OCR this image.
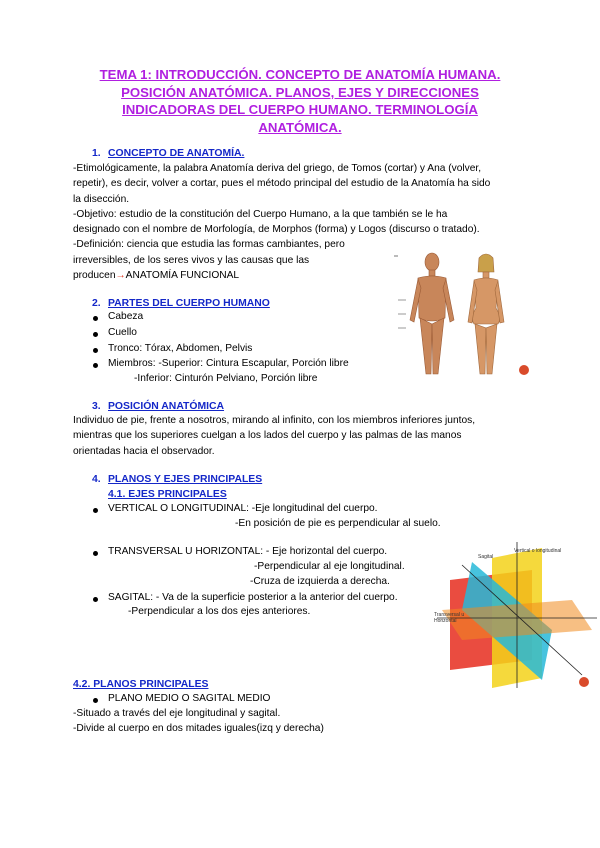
TEMA 1: INTRODUCCIÓN. CONCEPTO DE ANATOMÍA HUMANA.
POSICIÓN ANATÓMICA. PLANOS, EJES Y DIRECCIONES
INDICADORAS DEL CUERPO HUMANO. TERMINOLOGÍA
ANATÓMICA.
1. CONCEPTO DE ANATOMÍA.
-Etimológicamente, la palabra Anatomía deriva del griego, de Tomos (cortar) y Ana (volver,
repetir), es decir, volver a cortar, pues el método principal del estudio de la Anatomía ha sido
la disección.
-Objetivo: estudio de la constitución del Cuerpo Humano, a la que también se le ha
designado con el nombre de Morfología, de Morphos (forma) y Logos (discurso o tratado).
-Definición: ciencia que estudia las formas cambiantes, pero
irreversibles, de los seres vivos y las causas que las
producen→ANATOMÍA FUNCIONAL
2. PARTES DEL CUERPO HUMANO
Cabeza
Cuello
Tronco: Tórax, Abdomen, Pelvis
Miembros: -Superior: Cintura Escapular, Porción libre
-Inferior: Cinturón Pelviano, Porción libre
3. POSICIÓN ANATÓMICA
Individuo de pie, frente a nosotros, mirando al infinito, con los miembros inferiores juntos,
mientras que los superiores cuelgan a los lados del cuerpo y las palmas de las manos
orientadas hacia el observador.
4. PLANOS Y EJES PRINCIPALES
4.1. EJES PRINCIPALES
VERTICAL O LONGITUDINAL: -Eje longitudinal del cuerpo.
-En posición de pie es perpendicular al suelo.
TRANSVERSAL U HORIZONTAL: - Eje horizontal del cuerpo.
-Perpendicular al eje longitudinal.
-Cruza de izquierda a derecha.
SAGITAL: - Va de la superficie posterior a la anterior del cuerpo.
-Perpendicular a los dos ejes anteriores.
Sagital
Vertical o longitudinal
Transversal u
Horizontal
4.2. PLANOS PRINCIPALES
PLANO MEDIO O SAGITAL MEDIO
-Situado a través del eje longitudinal y sagital.
-Divide al cuerpo en dos mitades iguales(izq y derecha)
